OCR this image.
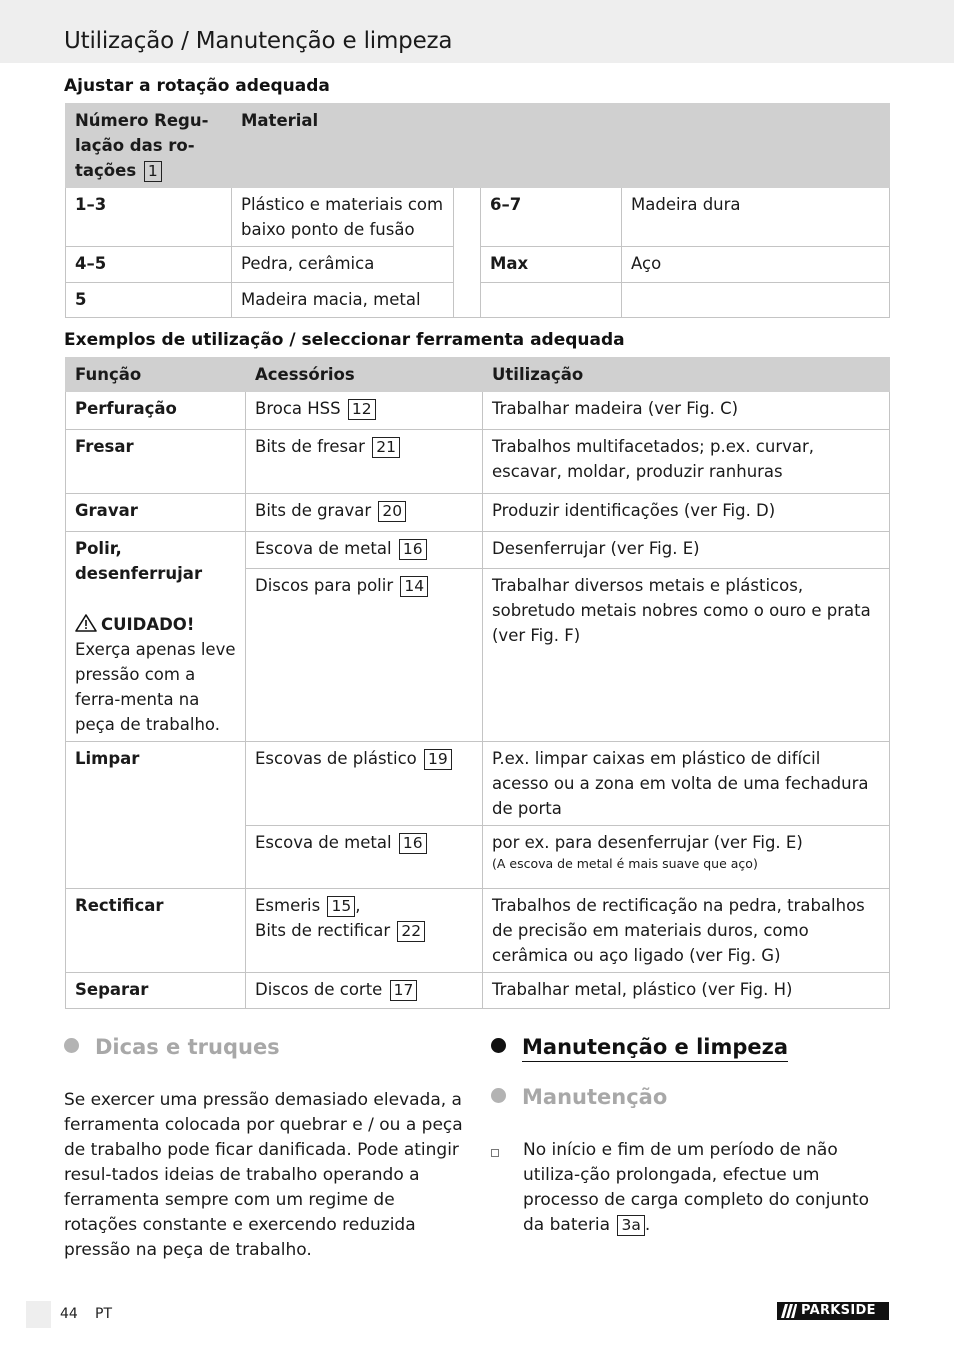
Utilização / Manutenção e limpeza
Ajustar a rotação adequada
Número Regu-
lação das ro-
tações 1	Material			
1–3	Plástico e materiais com baixo ponto de fusão		6–7	Madeira dura
4–5	Pedra, cerâmica		Max	Aço
5	Madeira macia, metal			
Exemplos de utilização / seleccionar ferramenta adequada
Função	Acessórios	Utilização
Perfuração	Broca HSS 12	Trabalhar madeira (ver Fig. C)
Fresar	Bits de fresar 21	Trabalhos multifacetados; p.ex. curvar, escavar, moldar, produzir ranhuras
Gravar	Bits de gravar 20	Produzir identificações (ver Fig. D)
Polir,
desenferrujar
CUIDADO!
Exerça apenas leve pressão com a ferra-menta na peça de trabalho.	Escova de metal 16	Desenferrujar (ver Fig. E)
	Discos para polir 14	Trabalhar diversos metais e plásticos, sobretudo metais nobres como o ouro e prata (ver Fig. F)
Limpar	Escovas de plástico 19	P.ex. limpar caixas em plástico de difícil acesso ou a zona em volta de uma fechadura de porta
	Escova de metal 16	por ex. para desenferrujar (ver Fig. E)
(A escova de metal é mais suave que aço)

Rectificar	Esmeris 15 ,
Bits de rectificar 22	Trabalhos de rectificação na pedra, trabalhos de precisão em materiais duros, como cerâmica ou aço ligado (ver Fig. G)
Separar	Discos de corte 17	Trabalhar metal, plástico (ver Fig. H)
Dicas e truques
Se exercer uma pressão demasiado elevada, a ferramenta colocada por quebrar e / ou a peça de trabalho pode ficar danificada. Pode atingir resul-tados ideias de trabalho operando a ferramenta sempre com um regime de rotações constante e exercendo reduzida pressão na peça de trabalho.
Manutenção e limpeza
Manutenção
No início e fim de um período de não utiliza-ção prolongada, efectue um processo de carga completo do conjunto da bateria 3a .
44 PT	PARKSIDE
